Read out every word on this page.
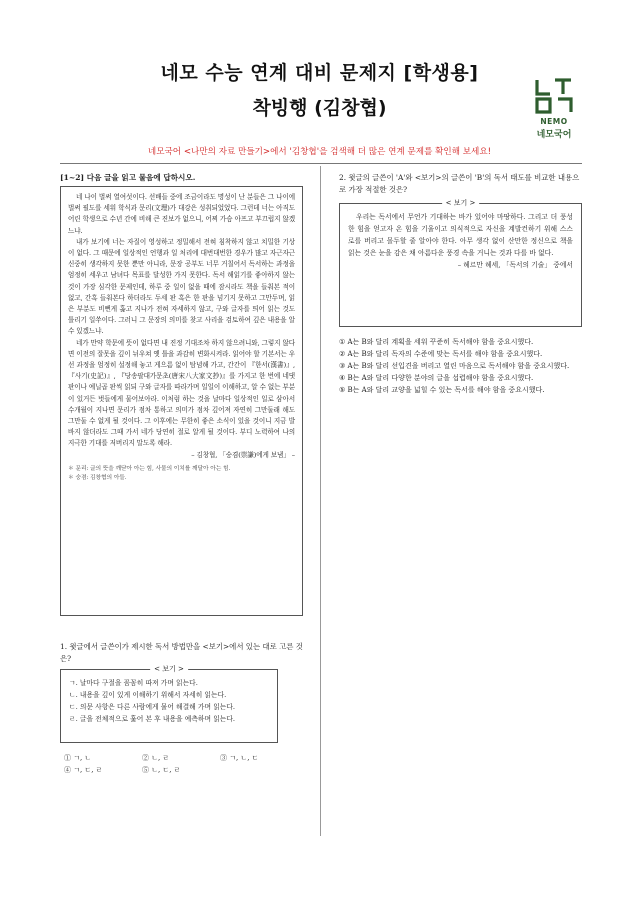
네모 수능 연계 대비 문제지 [학생용]
착빙행 (김창협)
NEMO
네모국어
네모국어 <나만의 자료 만들기>에서 '김창협'을 검색해 더 많은 연계 문제를 확인해 보세요!
[1~2] 다음 글을 읽고 물음에 답하시오.

네 나이 벌써 열여섯이다. 선배들 중에 조금이라도 명성이 난 분들은 그 나이에 벌써 필도를 세워 학식과 문리(文理)가 대강은 성취되었었다. 그런데 너는 아직도 어린 학생으로 수년 간에 비해 큰 진보가 없으니, 어찌 가슴 아프고 부끄럽지 않겠느냐.

내가 보기에 너는 자질이 영성하고 정밀해서 전혀 침착하지 않고 치밀한 기상이 없다. 그 때문에 일상적인 언행과 일 처리에 대번대번한 경우가 많고 자근자근 신중히 생각하지 못한 뿐만 아니라, 문장 공부도 너무 거칠어서 독서하는 과정을 엄정히 세우고 남녀다 목표를 달성한 가지 못한다. 독서 해읽기를 좋아하지 않는 것이 가장 심각한 문제인데, 하루 중 일이 없을 때에 잠시라도 책을 들춰본 적이 없고, 간혹 들춰본다 하더라도 두세 판 혹은 한 판을 넘기지 못하고 그만두며, 읽은 부분도 비뻔게 홅고 지나가 전혀 자세하지 않고, 구와 글자를 띄어 읽는 것도 틀리기 일쑤이다. 그러니 그 문장의 의미를 찾고 사리을 검토하여 깊은 내용을 알 수 있겠느냐.

네가 만약 학문에 뜻이 없다면 내 진정 기대조차 하지 않으려니와, 그렇지 않다면 이전의 잘못을 깊이 뉘우쳐 옛 틀을 과감히 변화시켜라. 읽어야 할 기본서는 우선 과정을 엄정히 설정해 놓고 게으름 없이 탐념해 가고, 간간이 『한서(漢書)』, 『사기(史記)』, 『당송팔대가문초(唐宋八大家文抄)』를 가지고 한 번에 네댓 판이나 예닐곱 판씩 읽되 구와 글자를 따라가며 일일이 이해하고, 알 수 없는 부분이 있거든 벗들에게 물어보아라. 이처럼 하는 것을 날마다 일상적인 일로 삼아서 수개월이 지나면 문리가 점차 통하고 의미가 점차 깊어져 자연히 그만둘래 해도 그만둘 수 없게 될 것이다. 그 이후에는 무한히 좋은 소식이 있을 것이니 지금 발바지 않더라도 그때 가서 네가 당연히 절로 알게 될 것이다. 부디 노력하여 나의 지극한 기대를 저버리지 말도록 해라.

– 김창협, 「숭겸(崇謙)에게 보냄」 –

＊ 문리: 글의 뜻을 깨닫아 아는 힘, 사물의 이치를 깨달아 아는 힘.

＊ 숭겸: 김창협의 아들.

1. 윗글에서 글쓴이가 제시한 독서 방법만을 <보기>에서 있는 대로 고른 것은?
< 보기 >
ㄱ. 날마다 구절을 꼼꼼히 따져 가며 읽는다.
ㄴ. 내용을 깊이 있게 이해하기 위해서 자세히 읽는다.
ㄷ. 의문 사항은 다른 사람에게 물어 해결해 가며 읽는다.
ㄹ. 글을 전체적으로 훑어 본 후 내용을 예측하며 읽는다.
① ㄱ, ㄴ	② ㄴ, ㄹ	③ ㄱ, ㄴ, ㄷ
④ ㄱ, ㄷ, ㄹ	⑤ ㄴ, ㄷ, ㄹ
2. 윗글의 글쓴이 'A'와 <보기>의 글쓴이 'B'의 독서 태도를 비교한 내용으로 가장 적절한 것은?
< 보기 >

우리는 독서에서 무언가 기대하는 바가 있어야 마땅하다. 그리고 더 풍성한 힘을 얻고자 온 힘을 기울이고 의식적으로 자신을 계발컨하기 위해 스스로를 버리고 몰두할 줄 알아야 한다. 아무 생각 없이 산만한 정신으로 책을 읽는 것은 눈을 감은 채 아름다운 풍경 속을 거니는 것과 다를 바 없다.

– 헤르만 헤세, 「독서의 기술」 중에서

① A는 B와 달리 계획을 세워 꾸준히 독서해야 함을 중요시했다.
② A는 B와 달리 독자의 수준에 맞는 독서를 해야 함을 중요시했다.
③ A는 B와 달리 선입견을 버리고 열린 마음으로 독서해야 함을 중요시했다.
④ B는 A와 달리 다양한 분야의 글을 섭렵해야 함을 중요시했다.
⑤ B는 A와 달리 교양을 넓힐 수 있는 독서를 해야 함을 중요시했다.
